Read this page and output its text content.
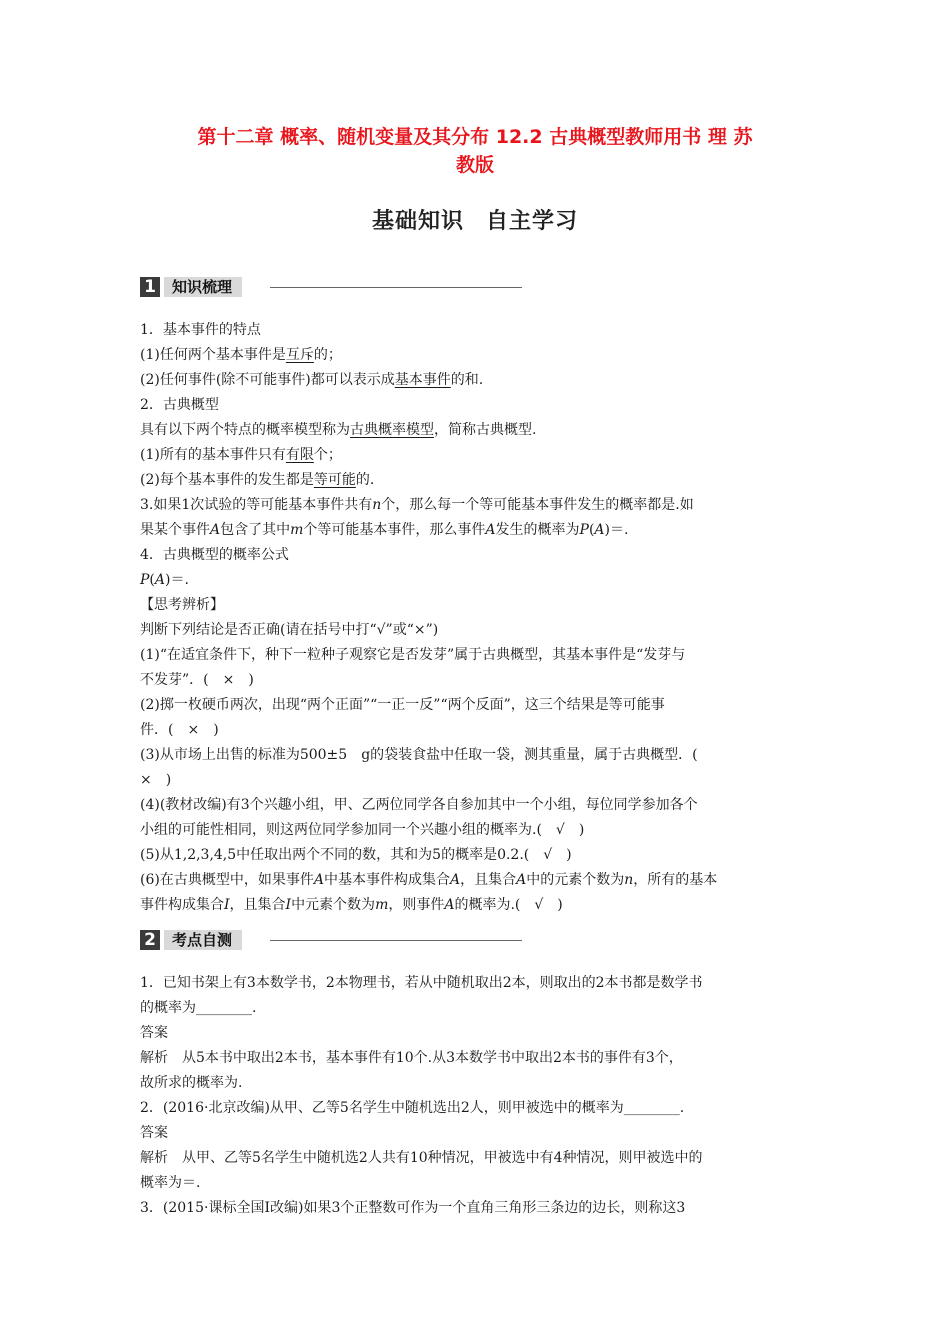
第十二章 概率、随机变量及其分布 12.2 古典概型教师用书 理 苏
教版
基础知识 自主学习
1	知识梳理

1．基本事件的特点

(1)任何两个基本事件是互斥的；

(2)任何事件(除不可能事件)都可以表示成基本事件的和.

2．古典概型

具有以下两个特点的概率模型称为古典概率模型，简称古典概型.

(1)所有的基本事件只有有限个；

(2)每个基本事件的发生都是等可能的.

3.如果1次试验的等可能基本事件共有n个，那么每一个等可能基本事件发生的概率都是.如

果某个事件A包含了其中m个等可能基本事件，那么事件A发生的概率为P(A)＝.

4．古典概型的概率公式

P(A)＝.

【思考辨析】

判断下列结论是否正确(请在括号中打“√”或“×”)

(1)“在适宜条件下，种下一粒种子观察它是否发芽”属于古典概型，其基本事件是“发芽与

不发芽”．(　×　)

(2)掷一枚硬币两次，出现“两个正面”“一正一反”“两个反面”，这三个结果是等可能事

件．(　×　)

(3)从市场上出售的标准为500±5　g的袋装食盐中任取一袋，测其重量，属于古典概型．(

×　)

(4)(教材改编)有3个兴趣小组，甲、乙两位同学各自参加其中一个小组，每位同学参加各个

小组的可能性相同，则这两位同学参加同一个兴趣小组的概率为.(　√　)

(5)从1,2,3,4,5中任取出两个不同的数，其和为5的概率是0.2.(　√　)

(6)在古典概型中，如果事件A中基本事件构成集合A，且集合A中的元素个数为n，所有的基本

事件构成集合I，且集合I中元素个数为m，则事件A的概率为.(　√　)

2	考点自测

1．已知书架上有3本数学书，2本物理书，若从中随机取出2本，则取出的2本书都是数学书

的概率为________.

答案

解析　从5本书中取出2本书，基本事件有10个.从3本数学书中取出2本书的事件有3个，

故所求的概率为.

2．(2016·北京改编)从甲、乙等5名学生中随机选出2人，则甲被选中的概率为________.

答案

解析　从甲、乙等5名学生中随机选2人共有10种情况，甲被选中有4种情况，则甲被选中的

概率为＝.

3．(2015·课标全国Ⅰ改编)如果3个正整数可作为一个直角三角形三条边的边长，则称这3
